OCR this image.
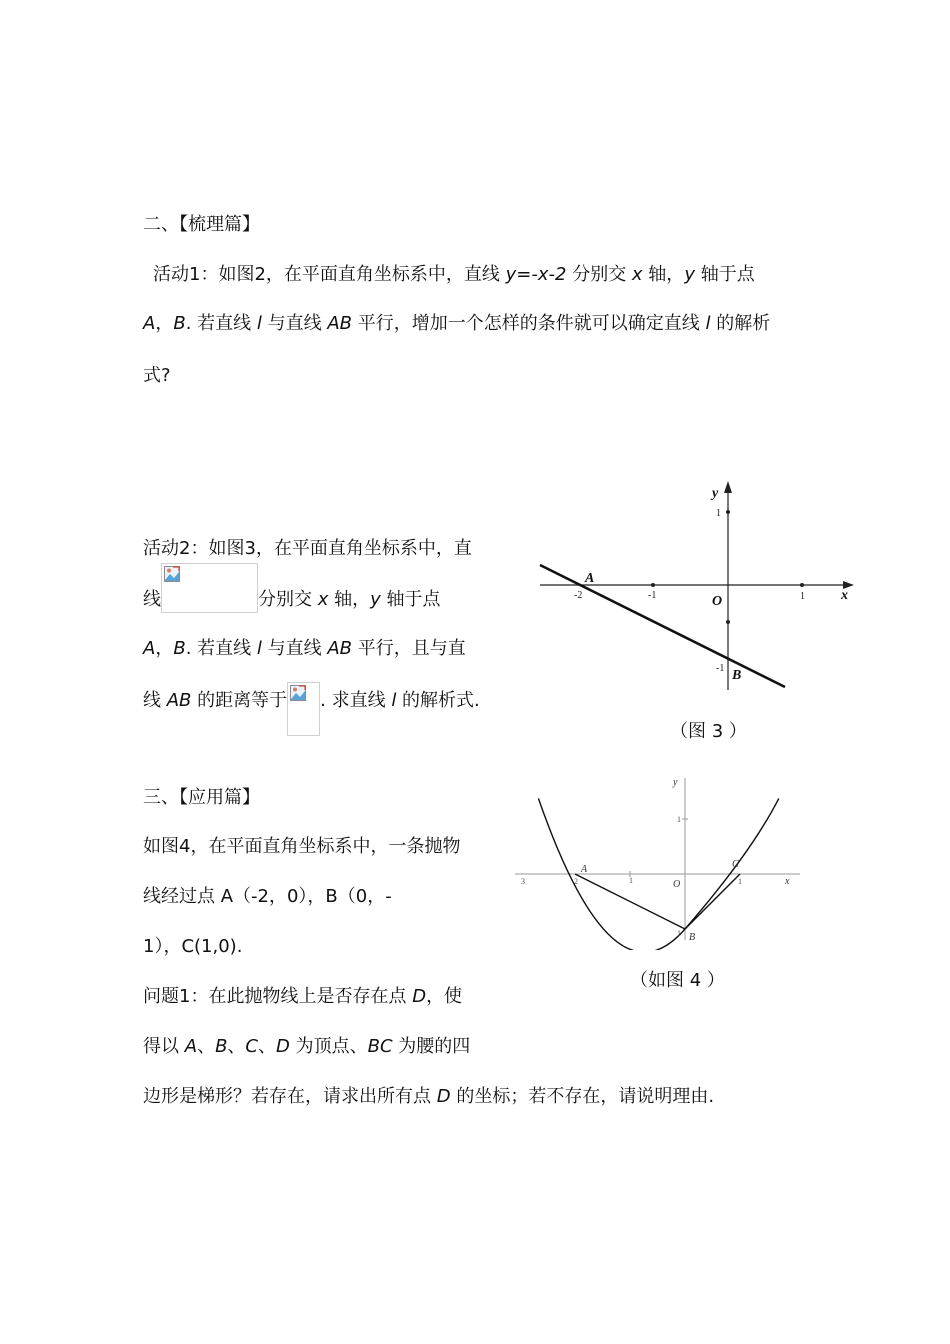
二、【梳理篇】
活动1：如图2，在平面直角坐标系中，直线 y=-x-2 分别交 x 轴，y 轴于点
A，B. 若直线 l 与直线 AB 平行，增加一个怎样的条件就可以确定直线 l 的解析
式?
活动2：如图3，在平面直角坐标系中，直
线	分别交 x 轴，y 轴于点
A，B. 若直线 l 与直线 AB 平行，且与直
线 AB 的距离等于 . 求直线 l 的解析式.
y
x
O
A
B
-2	-1	1
1
-1
（图 3 ）
三、【应用篇】
如图4，在平面直角坐标系中，一条抛物
线经过点 A（-2，0），B（0，-
1），C(1,0).
问题1：在此抛物线上是否存在点 D，使
得以 A、B、C、D 为顶点、BC 为腰的四
边形是梯形？若存在，请求出所有点 D 的坐标；若不存在，请说明理由.
y
x
O
A
B
C
3	2	1	1
1
1
（如图 4 ）
